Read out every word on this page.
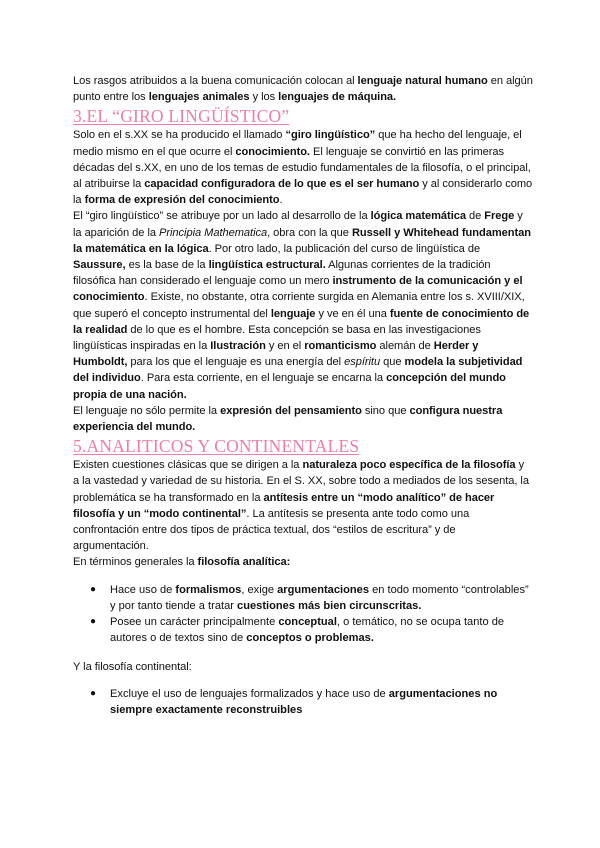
Los rasgos atribuidos a la buena comunicación colocan al lenguaje natural humano en algún punto entre los lenguajes animales y los lenguajes de máquina.

3.EL “GIRO LINGÜÍSTICO”

Solo en el s.XX se ha producido el llamado “giro lingüístico” que ha hecho del lenguaje, el medio mismo en el que ocurre el conocimiento. El lenguaje se convirtió en las primeras décadas del s.XX, en uno de los temas de estudio fundamentales de la filosofía, o el principal, al atribuirse la capacidad configuradora de lo que es el ser humano y al considerarlo como la forma de expresión del conocimiento.

El “giro lingüístico” se atribuye por un lado al desarrollo de la lógica matemática de Frege y la aparición de la Principia Mathematica, obra con la que Russell y Whitehead fundamentan la matemática en la lógica. Por otro lado, la publicación del curso de lingüística de Saussure, es la base de la lingüística estructural. Algunas corrientes de la tradición filosófica han considerado el lenguaje como un mero instrumento de la comunicación y el conocimiento. Existe, no obstante, otra corriente surgida en Alemania entre los s. XVIII/XIX, que superó el concepto instrumental del lenguaje y ve en él una fuente de conocimiento de la realidad de lo que es el hombre. Esta concepción se basa en las investigaciones lingüísticas inspiradas en la Ilustración y en el romanticismo alemán de Herder y Humboldt, para los que el lenguaje es una energía del espíritu que modela la subjetividad del individuo. Para esta corriente, en el lenguaje se encarna la concepción del mundo propia de una nación.

El lenguaje no sólo permite la expresión del pensamiento sino que configura nuestra experiencia del mundo.

5.ANALITICOS Y CONTINENTALES

Existen cuestiones clásicas que se dirigen a la naturaleza poco específica de la filosofía y a la vastedad y variedad de su historia. En el S. XX, sobre todo a mediados de los sesenta, la problemática se ha transformado en la antítesis entre un “modo analítico” de hacer filosofía y un “modo continental”. La antítesis se presenta ante todo como una confrontación entre dos tipos de práctica textual, dos “estilos de escritura” y de argumentación.

En términos generales la filosofía analítica:

● Hace uso de formalismos, exige argumentaciones en todo momento “controlables” y por tanto tiende a tratar cuestiones más bien circunscritas.
● Posee un carácter principalmente conceptual, o temático, no se ocupa tanto de autores o de textos sino de conceptos o problemas.

Y la filosofía continental:

● Excluye el uso de lenguajes formalizados y hace uso de argumentaciones no siempre exactamente reconstruibles
